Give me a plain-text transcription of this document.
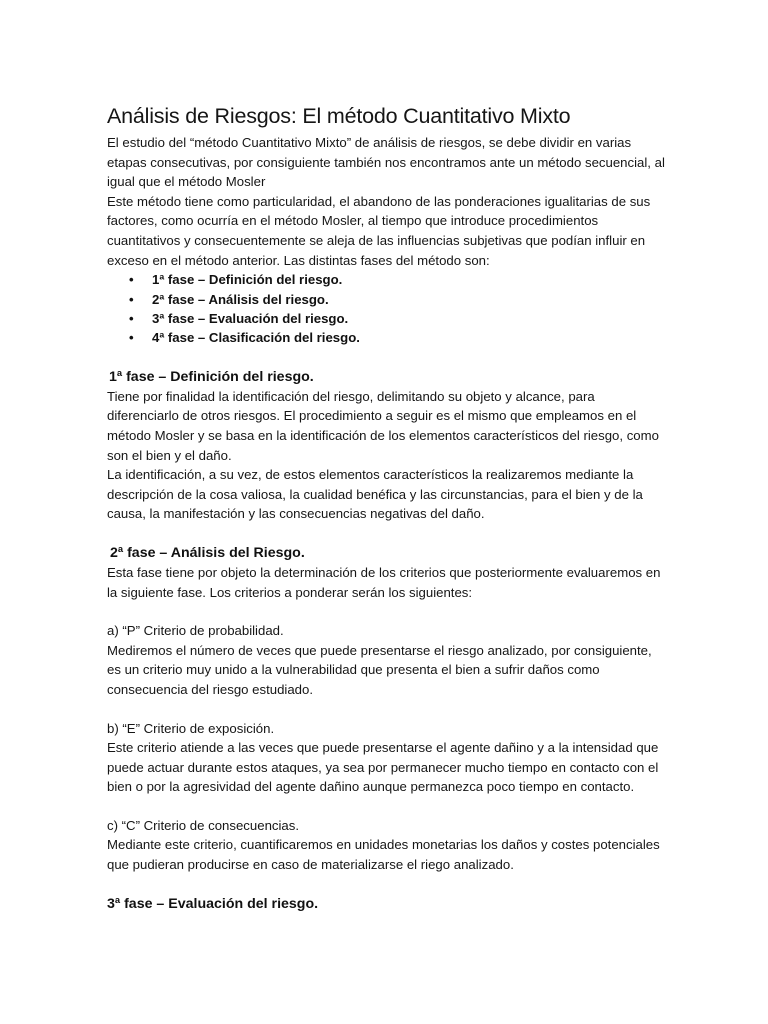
Análisis de Riesgos: El método Cuantitativo Mixto

El estudio del “método Cuantitativo Mixto” de análisis de riesgos, se debe dividir en varias etapas consecutivas, por consiguiente también nos encontramos ante un método secuencial, al igual que el método Mosler

Este método tiene como particularidad, el abandono de las ponderaciones igualitarias de sus factores, como ocurría en el método Mosler, al tiempo que introduce procedimientos cuantitativos y consecuentemente se aleja de las influencias subjetivas que podían influir en exceso en el método anterior. Las distintas fases del método son:

• 1ª fase – Definición del riesgo.
• 2ª fase – Análisis del riesgo.
• 3ª fase – Evaluación del riesgo.
• 4ª fase – Clasificación del riesgo.
1ª fase – Definición del riesgo.

Tiene por finalidad la identificación del riesgo, delimitando su objeto y alcance, para diferenciarlo de otros riesgos. El procedimiento a seguir es el mismo que empleamos en el método Mosler y se basa en la identificación de los elementos característicos del riesgo, como son el bien y el daño.

La identificación, a su vez, de estos elementos característicos la realizaremos mediante la descripción de la cosa valiosa, la cualidad benéfica y las circunstancias, para el bien y de la causa, la manifestación y las consecuencias negativas del daño.

2ª fase – Análisis del Riesgo.

Esta fase tiene por objeto la determinación de los criterios que posteriormente evaluaremos en la siguiente fase. Los criterios a ponderar serán los siguientes:

a) “P” Criterio de probabilidad.

Mediremos el número de veces que puede presentarse el riesgo analizado, por consiguiente, es un criterio muy unido a la vulnerabilidad que presenta el bien a sufrir daños como consecuencia del riesgo estudiado.

b) “E” Criterio de exposición.

Este criterio atiende a las veces que puede presentarse el agente dañino y a la intensidad que puede actuar durante estos ataques, ya sea por permanecer mucho tiempo en contacto con el bien o por la agresividad del agente dañino aunque permanezca poco tiempo en contacto.

c) “C” Criterio de consecuencias.

Mediante este criterio, cuantificaremos en unidades monetarias los daños y costes potenciales que pudieran producirse en caso de materializarse el riego analizado.

3ª fase – Evaluación del riesgo.
